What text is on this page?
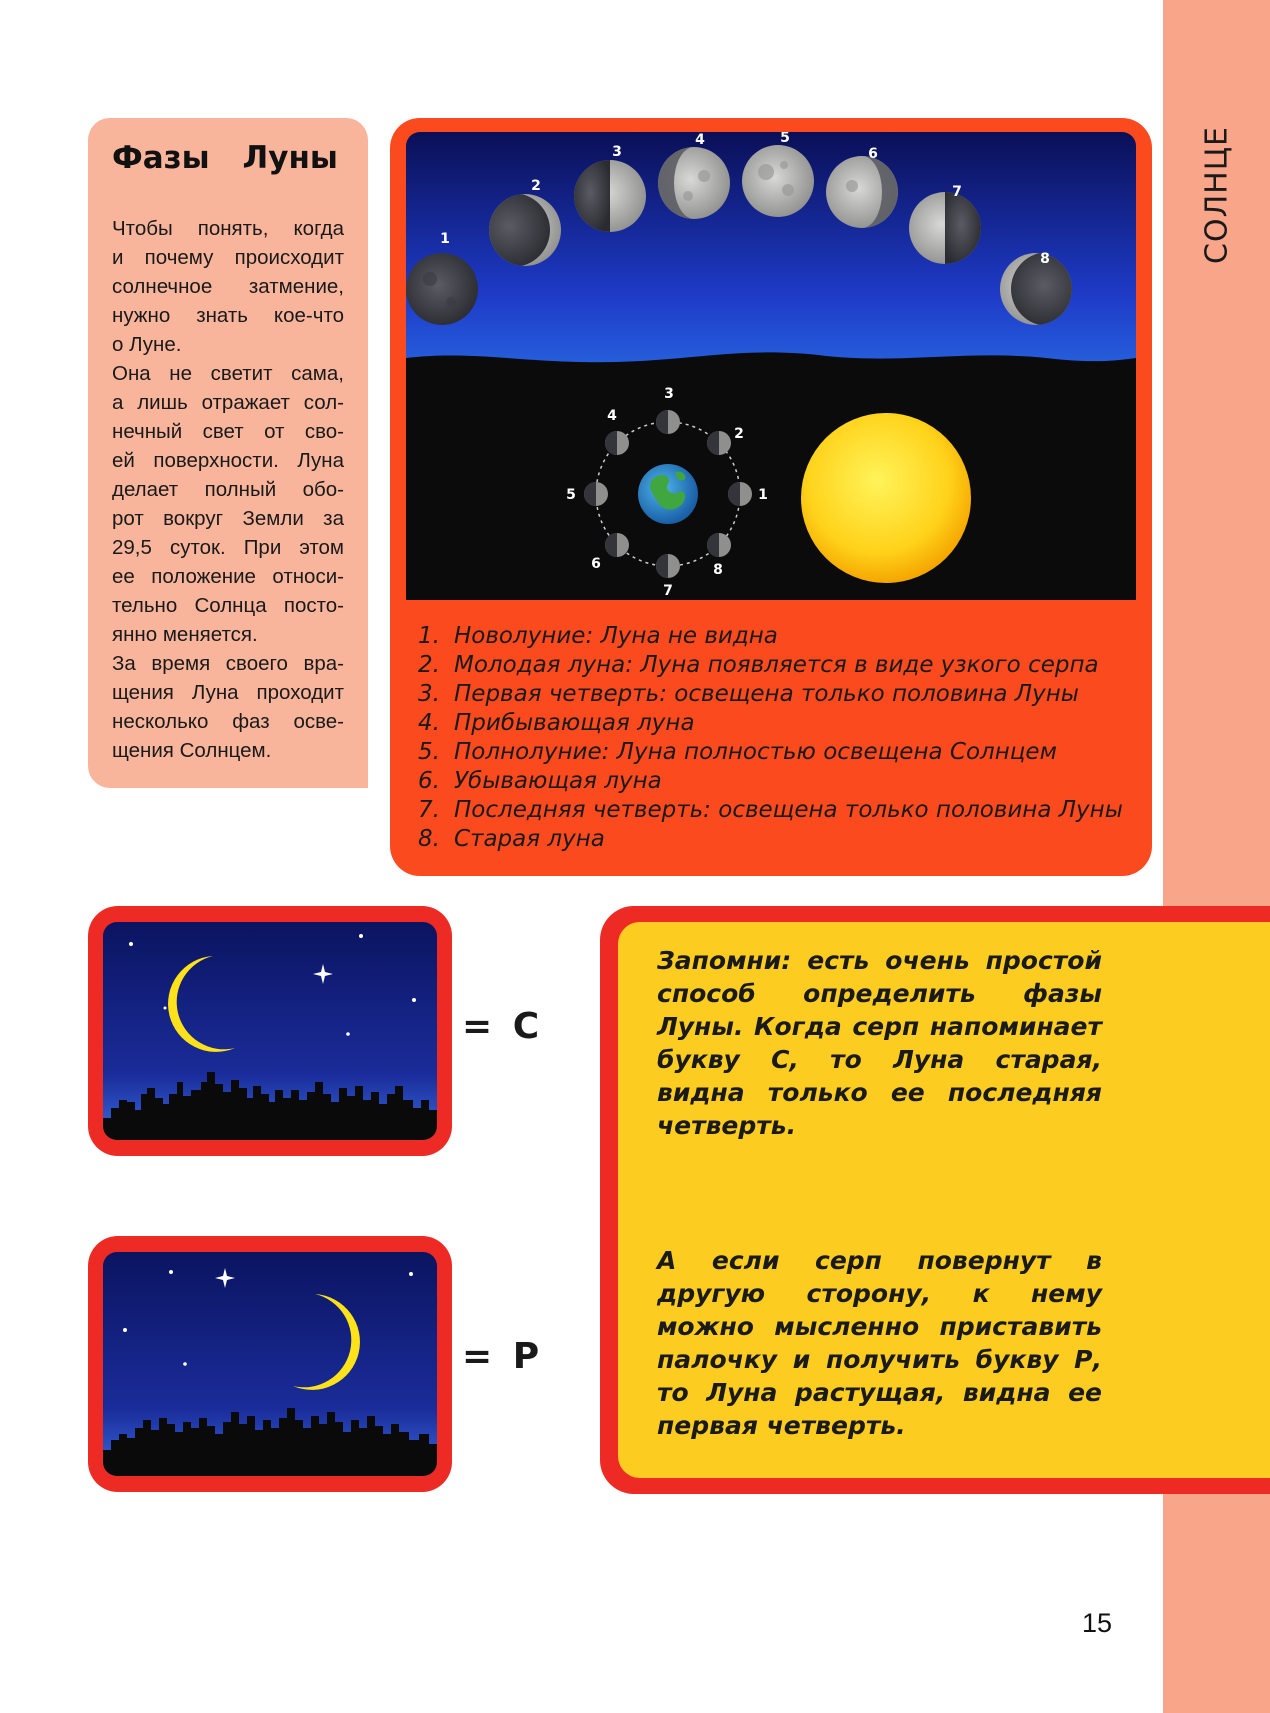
СОЛНЦЕ
Фазы Луны

Чтобы понять, когда

и почему происходит

солнечное затмение,

нужно знать кое-что

о Луне.

Она не светит сама,

а лишь отражает сол-

нечный свет от сво-

ей поверхности. Луна

делает полный обо-

рот вокруг Земли за

29,5 суток. При этом

ее положение относи-

тельно Солнца посто-

янно меняется.

За время своего вра-

щения Луна проходит

несколько фаз осве-

щения Солнцем.

1
2
3
4	5
6
7
8
1
2
3
4
5
6
7
8
1. Новолуние: Луна не видна
2. Молодая луна: Луна появляется в виде узкого серпа
3. Первая четверть: освещена только половина Луны
4. Прибывающая луна
5. Полнолуние: Луна полностью освещена Солнцем
6. Убывающая луна
7. Последняя четверть: освещена только половина Луны
8. Старая луна
= С
= Р
Запомни: есть очень простой способ определить фазы Луны. Когда серп напоминает букву С, то Луна старая, видна только ее последняя четверть.
А если серп повернут в другую сторону, к нему можно мысленно приставить палочку и получить букву Р, то Луна растущая, видна ее первая четверть.
15
